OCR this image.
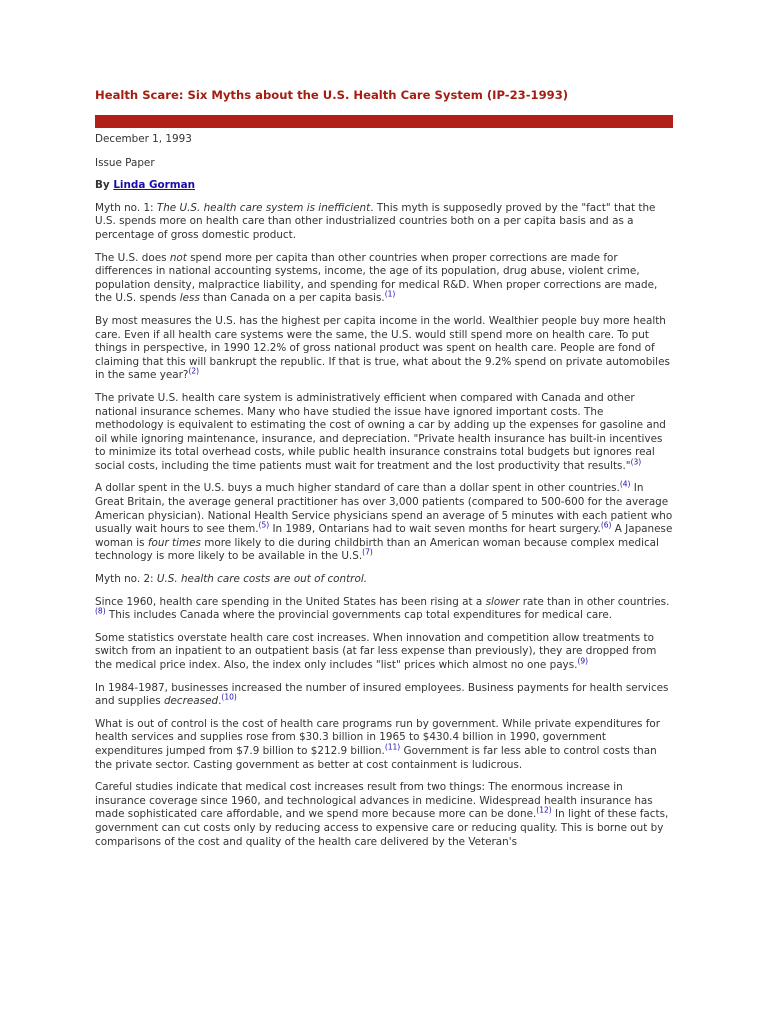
Health Scare: Six Myths about the U.S. Health Care System (IP-23-1993)

December 1, 1993

Issue Paper

By Linda Gorman

Myth no. 1: The U.S. health care system is inefficient. This myth is supposedly proved by the "fact" that the U.S. spends more on health care than other industrialized countries both on a per capita basis and as a percentage of gross domestic product.

The U.S. does not spend more per capita than other countries when proper corrections are made for differences in national accounting systems, income, the age of its population, drug abuse, violent crime, population density, malpractice liability, and spending for medical R&D. When proper corrections are made, the U.S. spends less than Canada on a per capita basis.$^{(1)}$

By most measures the U.S. has the highest per capita income in the world. Wealthier people buy more health care. Even if all health care systems were the same, the U.S. would still spend more on health care. To put things in perspective, in 1990 12.2% of gross national product was spent on health care. People are fond of claiming that this will bankrupt the republic. If that is true, what about the 9.2% spend on private automobiles in the same year?$^{(2)}$

The private U.S. health care system is administratively efficient when compared with Canada and other national insurance schemes. Many who have studied the issue have ignored important costs. The methodology is equivalent to estimating the cost of owning a car by adding up the expenses for gasoline and oil while ignoring maintenance, insurance, and depreciation. "Private health insurance has built-in incentives to minimize its total overhead costs, while public health insurance constrains total budgets but ignores real social costs, including the time patients must wait for treatment and the lost productivity that results."$^{(3)}$

A dollar spent in the U.S. buys a much higher standard of care than a dollar spent in other countries.$^{(4)}$ In Great Britain, the average general practitioner has over 3,000 patients (compared to 500-600 for the average American physician). National Health Service physicians spend an average of 5 minutes with each patient who usually wait hours to see them.$^{(5)}$ In 1989, Ontarians had to wait seven months for heart surgery.$^{(6)}$ A Japanese woman is four times more likely to die during childbirth than an American woman because complex medical technology is more likely to be available in the U.S.$^{(7)}$

Myth no. 2: U.S. health care costs are out of control.

Since 1960, health care spending in the United States has been rising at a slower rate than in other countries.$^{(8)}$ This includes Canada where the provincial governments cap total expenditures for medical care.

Some statistics overstate health care cost increases. When innovation and competition allow treatments to switch from an inpatient to an outpatient basis (at far less expense than previously), they are dropped from the medical price index. Also, the index only includes "list" prices which almost no one pays.$^{(9)}$

In 1984-1987, businesses increased the number of insured employees. Business payments for health services and supplies decreased.$^{(10)}$

What is out of control is the cost of health care programs run by government. While private expenditures for health services and supplies rose from $30.3 billion in 1965 to $430.4 billion in 1990, government expenditures jumped from $7.9 billion to $212.9 billion.$^{(11)}$ Government is far less able to control costs than the private sector. Casting government as better at cost containment is ludicrous.

Careful studies indicate that medical cost increases result from two things: The enormous increase in insurance coverage since 1960, and technological advances in medicine. Widespread health insurance has made sophisticated care affordable, and we spend more because more can be done.$^{(12)}$ In light of these facts, government can cut costs only by reducing access to expensive care or reducing quality. This is borne out by comparisons of the cost and quality of the health care delivered by the Veteran's
